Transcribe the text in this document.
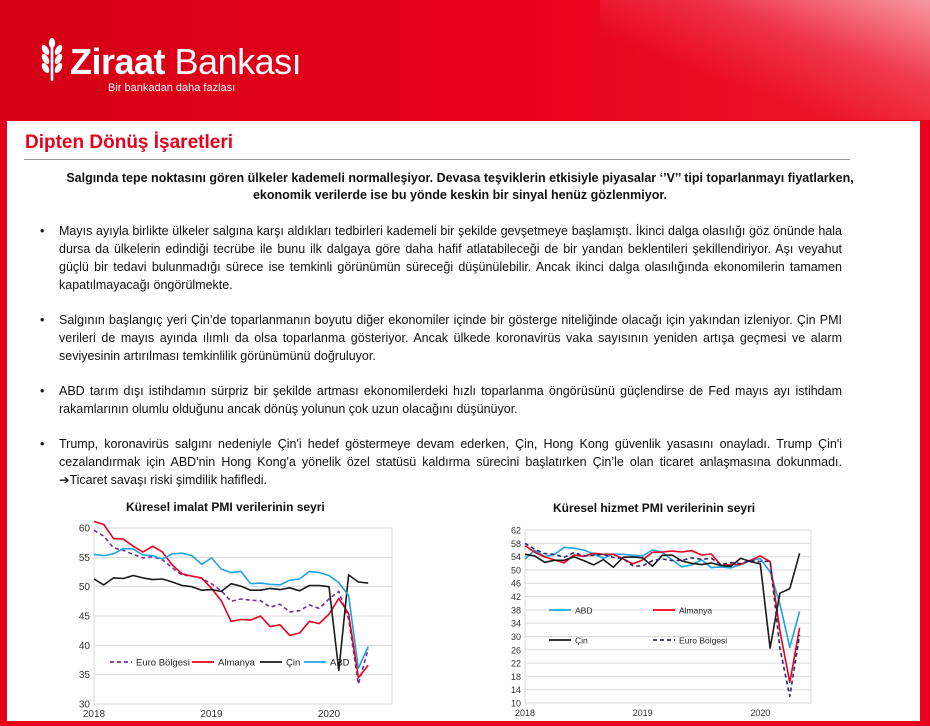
Ziraat Bankası
Bir bankadan daha fazlası
Dipten Dönüş İşaretleri
Salgında tepe noktasını gören ülkeler kademeli normalleşiyor. Devasa teşviklerin etkisiyle piyasalar ‘’V’’ tipi toparlanmayı fiyatlarken, ekonomik verilerde ise bu yönde keskin bir sinyal henüz gözlenmiyor.
• Mayıs ayıyla birlikte ülkeler salgına karşı aldıkları tedbirleri kademeli bir şekilde gevşetmeye başlamıştı. İkinci dalga olasılığı göz önünde hala dursa da ülkelerin edindiği tecrübe ile bunu ilk dalgaya göre daha hafif atlatabileceği de bir yandan beklentileri şekillendiriyor. Aşı veyahut güçlü bir tedavi bulunmadığı sürece ise temkinli görünümün süreceği düşünülebilir. Ancak ikinci dalga olasılığında ekonomilerin tamamen kapatılmayacağı öngörülmekte.
• Salgının başlangıç yeri Çin’de toparlanmanın boyutu diğer ekonomiler içinde bir gösterge niteliğinde olacağı için yakından izleniyor. Çin PMI verileri de mayıs ayında ılımlı da olsa toparlanma gösteriyor. Ancak ülkede koronavirüs vaka sayısının yeniden artışa geçmesi ve alarm seviyesinin artırılması temkinlilik görünümünü doğruluyor.
• ABD tarım dışı istihdamın sürpriz bir şekilde artması ekonomilerdeki hızlı toparlanma öngörüsünü güçlendirse de Fed mayıs ayı istihdam rakamlarının olumlu olduğunu ancak dönüş yolunun çok uzun olacağını düşünüyor.
• Trump, koronavirüs salgını nedeniyle Çin'i hedef göstermeye devam ederken, Çin, Hong Kong güvenlik yasasını onayladı. Trump Çin'i cezalandırmak için ABD'nin Hong Kong'a yönelik özel statüsü kaldırma sürecini başlatırken Çin’le olan ticaret anlaşmasına dokunmadı. ➔Ticaret savaşı riski şimdilik hafifledi.
Küresel imalat PMI verilerinin seyri	Küresel hizmet PMI verilerinin seyri
30
35
40
45
50
55
60
2018	2019	2020
Euro Bölgesi	Almanya	Çin	ABD
10
14
18
22
26
30
34
38
42
46
50
54
58
62
2018	2019	2020
ABD	Almanya
Çin	Euro Bölgesi
